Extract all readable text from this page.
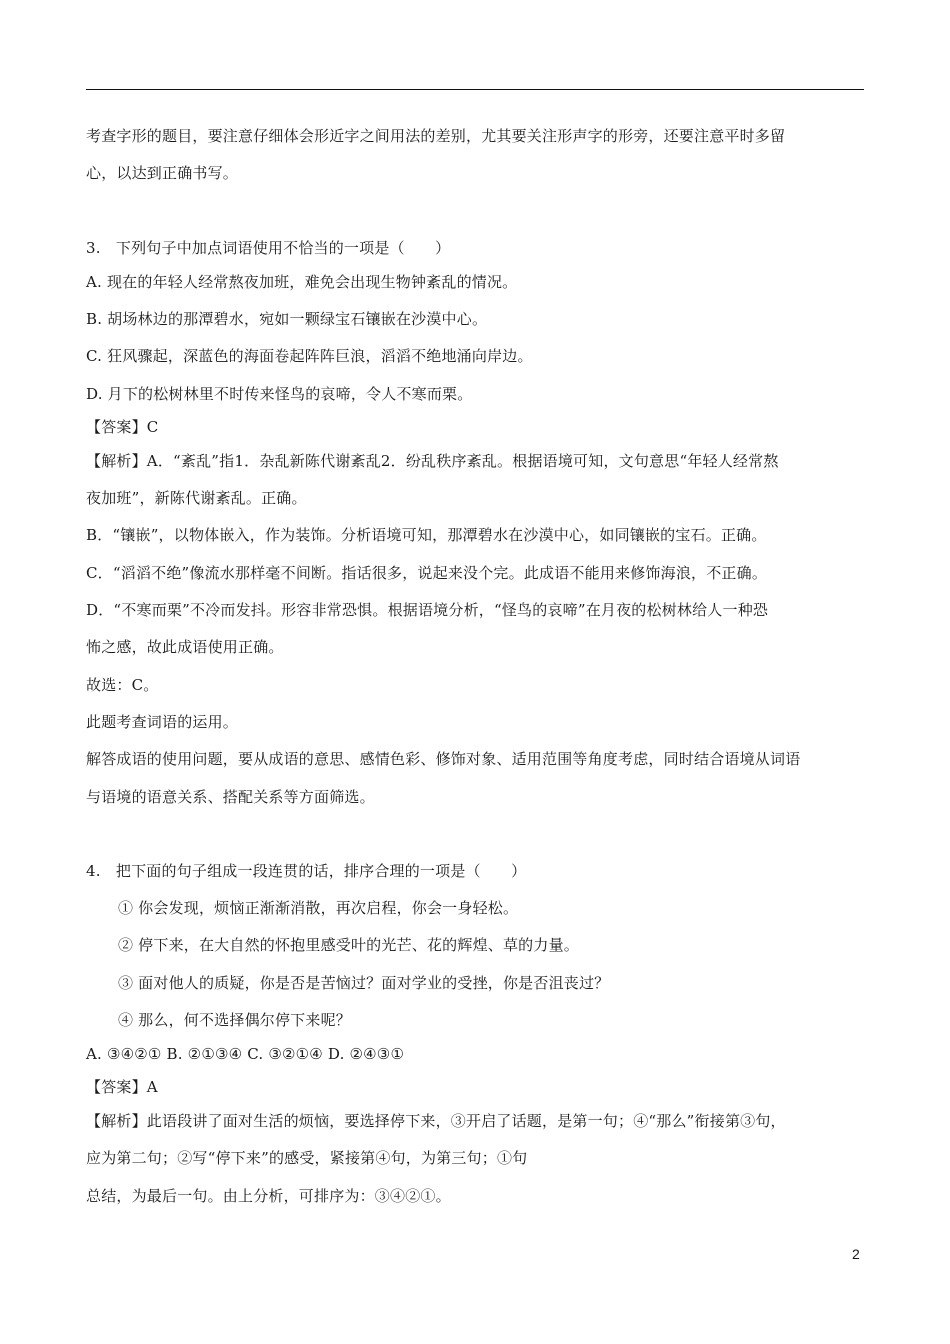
考查字形的题目，要注意仔细体会形近字之间用法的差别，尤其要关注形声字的形旁，还要注意平时多留
心，以达到正确书写。
3.　下列句子中加点词语使用不恰当的一项是（　　）
A. 现在的年轻人经常熬夜加班，难免会出现生物钟紊乱的情况。
B. 胡场林边的那潭碧水，宛如一颗绿宝石镶嵌在沙漠中心。
C. 狂风骤起，深蓝色的海面卷起阵阵巨浪，滔滔不绝地涌向岸边。
D. 月下的松树林里不时传来怪鸟的哀啼，令人不寒而栗。
【答案】C
【解析】A．“紊乱”指1．杂乱新陈代谢紊乱2．纷乱秩序紊乱。根据语境可知，文句意思“年轻人经常熬
夜加班”，新陈代谢紊乱。正确。
B．“镶嵌”，以物体嵌入，作为装饰。分析语境可知，那潭碧水在沙漠中心，如同镶嵌的宝石。正确。
C．“滔滔不绝”像流水那样毫不间断。指话很多，说起来没个完。此成语不能用来修饰海浪，不正确。
D．“不寒而栗”不冷而发抖。形容非常恐惧。根据语境分析，“怪鸟的哀啼”在月夜的松树林给人一种恐
怖之感，故此成语使用正确。
故选：C。
此题考查词语的运用。
解答成语的使用问题，要从成语的意思、感情色彩、修饰对象、适用范围等角度考虑，同时结合语境从词语
与语境的语意关系、搭配关系等方面筛选。
4.　把下面的句子组成一段连贯的话，排序合理的一项是（　　）
① 你会发现，烦恼正渐渐消散，再次启程，你会一身轻松。
② 停下来，在大自然的怀抱里感受叶的光芒、花的辉煌、草的力量。
③ 面对他人的质疑，你是否是苦恼过？面对学业的受挫，你是否沮丧过？
④ 那么，何不选择偶尔停下来呢？
A. ③④②① B. ②①③④ C. ③②①④ D. ②④③①
【答案】A
【解析】此语段讲了面对生活的烦恼，要选择停下来，③开启了话题，是第一句；④“那么”衔接第③句，
应为第二句；②写“停下来”的感受，紧接第④句，为第三句；①句
总结，为最后一句。由上分析，可排序为：③④②①。
2
